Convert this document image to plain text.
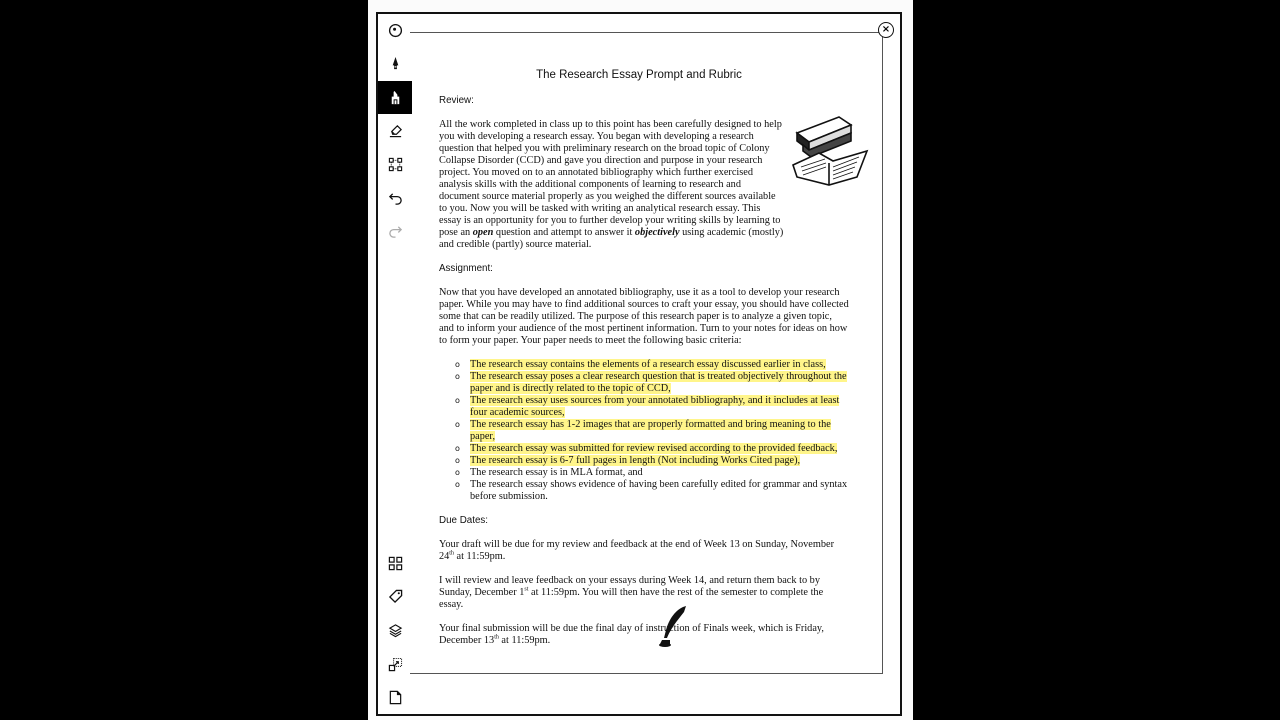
×
The Research Essay Prompt and Rubric
Review:

All the work completed in class up to this point has been carefully designed to help you with developing a research essay. You began with developing a research question that helped you with preliminary research on the broad topic of Colony Collapse Disorder (CCD) and gave you direction and purpose in your research project. You moved on to an annotated bibliography which further exercised analysis skills with the additional components of learning to research and document source material properly as you weighed the different sources available to you. Now you will be tasked with writing an analytical research essay. This essay is an opportunity for you to further develop your writing skills by learning to pose an open question and attempt to answer it objectively using academic (mostly) and credible (partly) source material.

Assignment:

Now that you have developed an annotated bibliography, use it as a tool to develop your research paper. While you may have to find additional sources to craft your essay, you should have collected some that can be readily utilized. The purpose of this research paper is to analyze a given topic, and to inform your audience of the most pertinent information. Turn to your notes for ideas on how to form your paper. Your paper needs to meet the following basic criteria:

o The research essay contains the elements of a research essay discussed earlier in class,
o The research essay poses a clear research question that is treated objectively throughout the paper and is directly related to the topic of CCD,
o The research essay uses sources from your annotated bibliography, and it includes at least four academic sources,
o The research essay has 1-2 images that are properly formatted and bring meaning to the paper,
o The research essay was submitted for review revised according to the provided feedback,
o The research essay is 6-7 full pages in length (Not including Works Cited page),
o The research essay is in MLA format, and
o The research essay shows evidence of having been carefully edited for grammar and syntax before submission.
Due Dates:

Your draft will be due for my review and feedback at the end of Week 13 on Sunday, November 24th at 11:59pm.

I will review and leave feedback on your essays during Week 14, and return them back to by Sunday, December 1st at 11:59pm. You will then have the rest of the semester to complete the essay.

Your final submission will be due the final day of instruction of Finals week, which is Friday, December 13th at 11:59pm.
